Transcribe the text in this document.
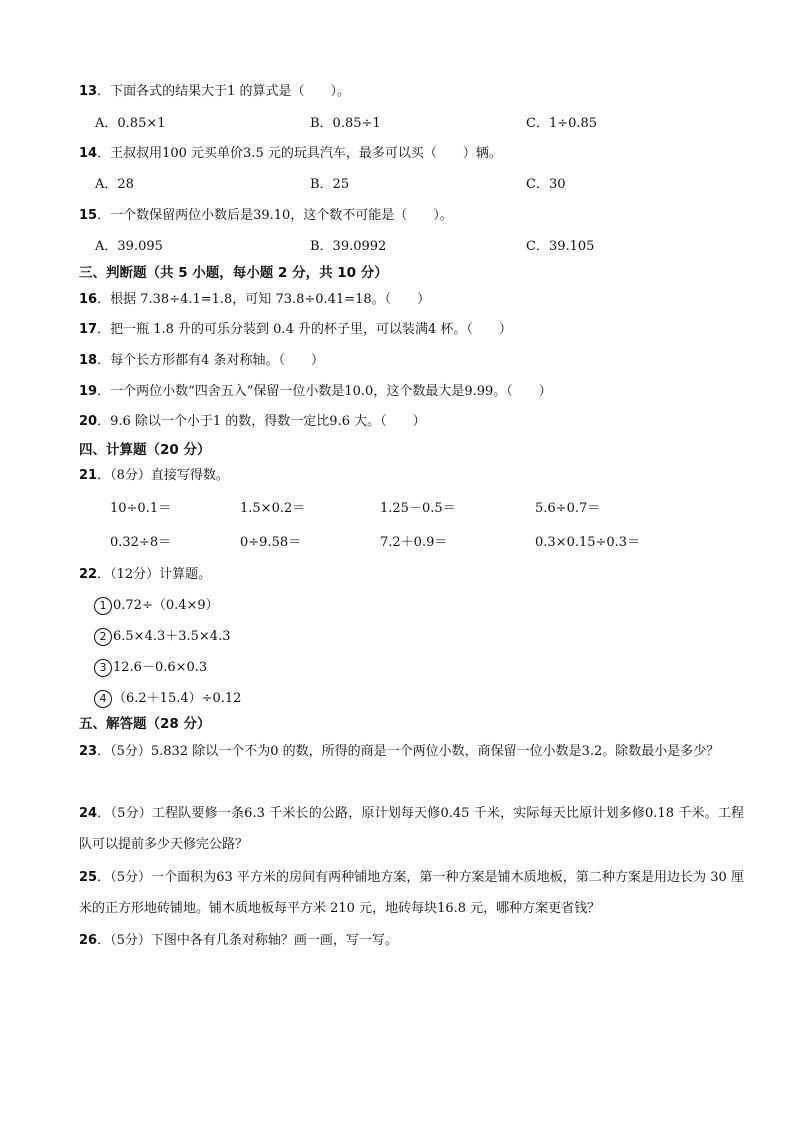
13．下面各式的结果大于1 的算式是（　　）。
A．0.85×1	B．0.85÷1	C．1÷0.85
14．王叔叔用100 元买单价3.5 元的玩具汽车，最多可以买（　　）辆。
A．28	B．25	C．30
15．一个数保留两位小数后是39.10，这个数不可能是（　　）。
A．39.095	B．39.0992	C．39.105
三、判断题（共 5 小题，每小题 2 分，共 10 分）
16．根据 7.38÷4.1=1.8，可知 73.8÷0.41=18。（　　）
17．把一瓶 1.8 升的可乐分装到 0.4 升的杯子里，可以装满4 杯。（　　）
18．每个长方形都有4 条对称轴。（　　）
19．一个两位小数“四舍五入”保留一位小数是10.0，这个数最大是9.99。（　　）
20．9.6 除以一个小于1 的数，得数一定比9.6 大。（　　）
四、计算题（20 分）
21．（8分）直接写得数。
10÷0.1＝	1.5×0.2＝	1.25－0.5＝	5.6÷0.7＝
0.32÷8＝	0÷9.58＝	7.2＋0.9＝	0.3×0.15÷0.3＝
22．（12分）计算题。
1 0.72÷（0.4×9）
2 6.5×4.3＋3.5×4.3
3 12.6－0.6×0.3
4 （6.2＋15.4）÷0.12
五、解答题（28 分）
23．（5分）5.832 除以一个不为0 的数，所得的商是一个两位小数，商保留一位小数是3.2。除数最小是多少？
24．（5分）工程队要修一条6.3 千米长的公路，原计划每天修0.45 千米，实际每天比原计划多修0.18 千米。工程队可以提前多少天修完公路？
25．（5分）一个面积为63 平方米的房间有两种铺地方案，第一种方案是铺木质地板，第二种方案是用边长为 30 厘米的正方形地砖铺地。铺木质地板每平方米 210 元，地砖每块16.8 元，哪种方案更省钱？
26．（5分）下图中各有几条对称轴？画一画，写一写。
